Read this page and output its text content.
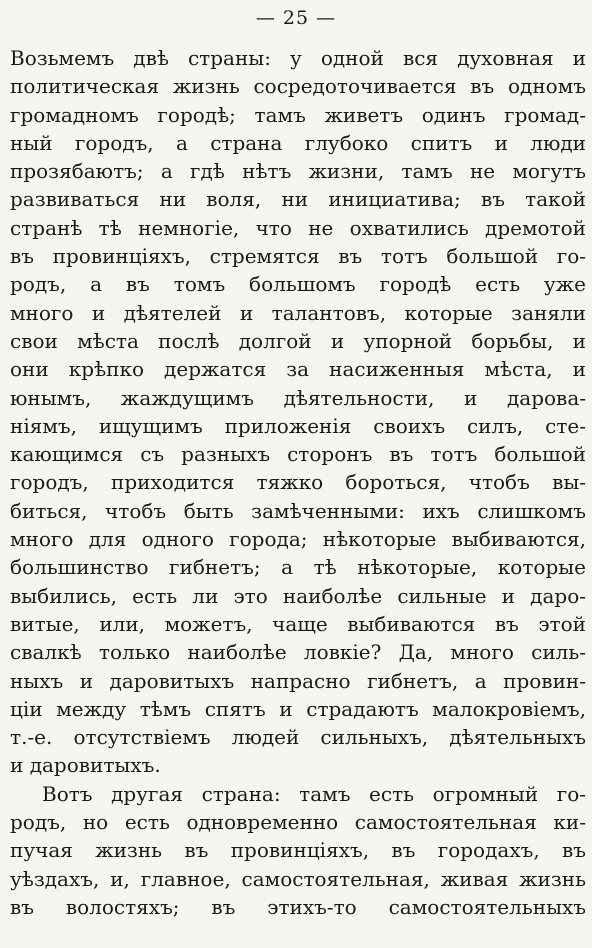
— 25 —
Возьмемъ двѣ страны: у одной вся духовная и
политическая жизнь сосредоточивается въ одномъ
громадномъ городѣ; тамъ живетъ одинъ громад-
ный городъ, а страна глубоко спитъ и люди
прозябаютъ; а гдѣ нѣтъ жизни, тамъ не могутъ
развиваться ни воля, ни инициатива; въ такой
странѣ тѣ немногіе, что не охватились дремотой
въ провинціяхъ, стремятся въ тотъ большой го-
родъ, а въ томъ большомъ городѣ есть уже
много и дѣятелей и талантовъ, которые заняли
свои мѣста послѣ долгой и упорной борьбы, и
они крѣпко держатся за насиженныя мѣста, и
юнымъ, жаждущимъ дѣятельности, и дарова-
ніямъ, ищущимъ приложенія своихъ силъ, сте-
кающимся съ разныхъ сторонъ въ тотъ большой
городъ, приходится тяжко бороться, чтобъ вы-
биться, чтобъ быть замѣченными: ихъ слишкомъ
много для одного города; нѣкоторые выбиваются,
большинство гибнетъ; а тѣ нѣкоторые, которые
выбились, есть ли это наиболѣе сильные и даро-
витые, или, можетъ, чаще выбиваются въ этой
свалкѣ только наиболѣе ловкіе? Да, много силь-
ныхъ и даровитыхъ напрасно гибнетъ, а провин-
ціи между тѣмъ спятъ и страдаютъ малокровіемъ,
т.-е. отсутствіемъ людей сильныхъ, дѣятельныхъ
и даровитыхъ.
Вотъ другая страна: тамъ есть огромный го-
родъ, но есть одновременно самостоятельная ки-
пучая жизнь въ провинціяхъ, въ городахъ, въ
уѣздахъ, и, главное, самостоятельная, живая жизнь
въ волостяхъ; въ этихъ-то самостоятельныхъ
